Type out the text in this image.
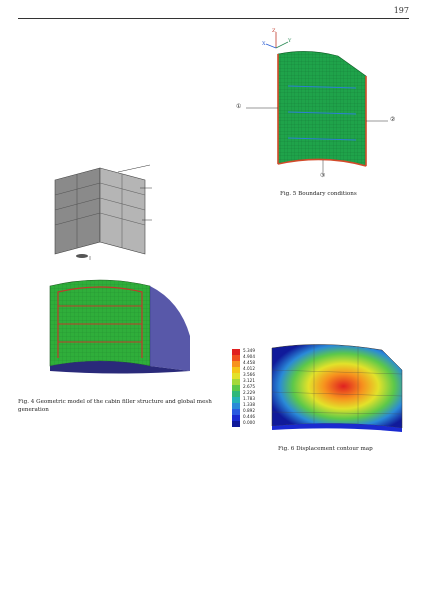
197
Fig. 4 Geometric model of the cabin filler structure and global mesh generation
Z
Y
X
①
②
③
Fig. 5 Boundary conditions
5.349
4.904
4.458
4.012
3.566
3.121
2.675
2.229
1.783
1.338
0.892
0.446
0.000
Fig. 6 Displacement contour map
